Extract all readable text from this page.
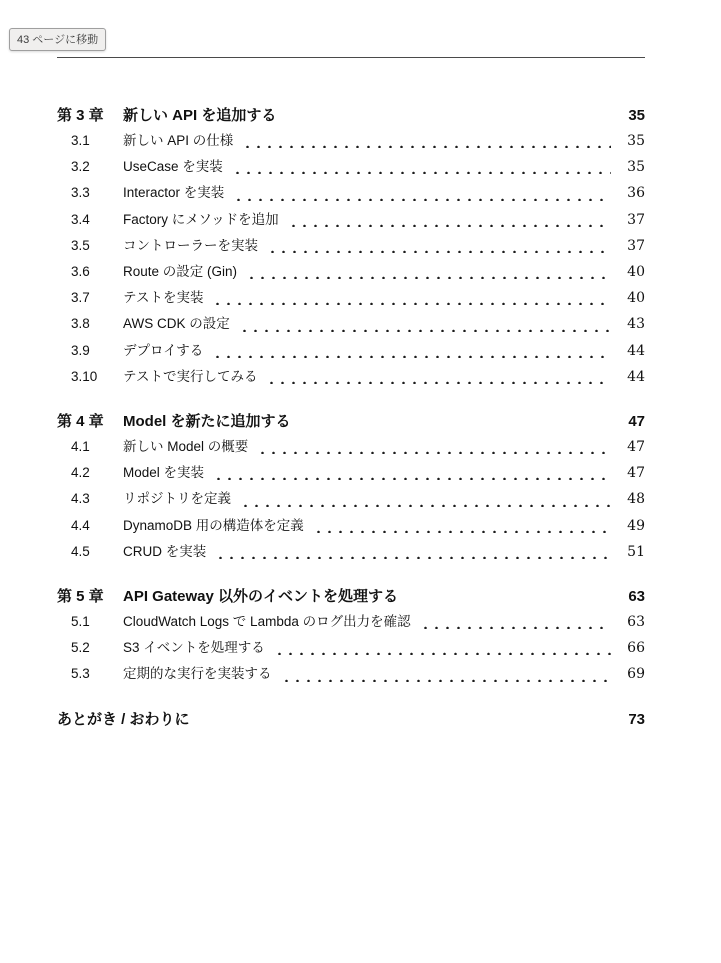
43 ページに移動
第 3 章	新しい API を追加する	35
3.1	新しい API の仕様	35
3.2	UseCase を実装	35
3.3	Interactor を実装	36
3.4	Factory にメソッドを追加	37
3.5	コントローラーを実装	37
3.6	Route の設定 (Gin)	40
3.7	テストを実装	40
3.8	AWS CDK の設定	43
3.9	デプロイする	44
3.10	テストで実行してみる	44
第 4 章	Model を新たに追加する	47
4.1	新しい Model の概要	47
4.2	Model を実装	47
4.3	リポジトリを定義	48
4.4	DynamoDB 用の構造体を定義	49
4.5	CRUD を実装	51
第 5 章	API Gateway 以外のイベントを処理する	63
5.1	CloudWatch Logs で Lambda のログ出力を確認	63
5.2	S3 イベントを処理する	66
5.3	定期的な実行を実装する	69
あとがき / おわりに	73
